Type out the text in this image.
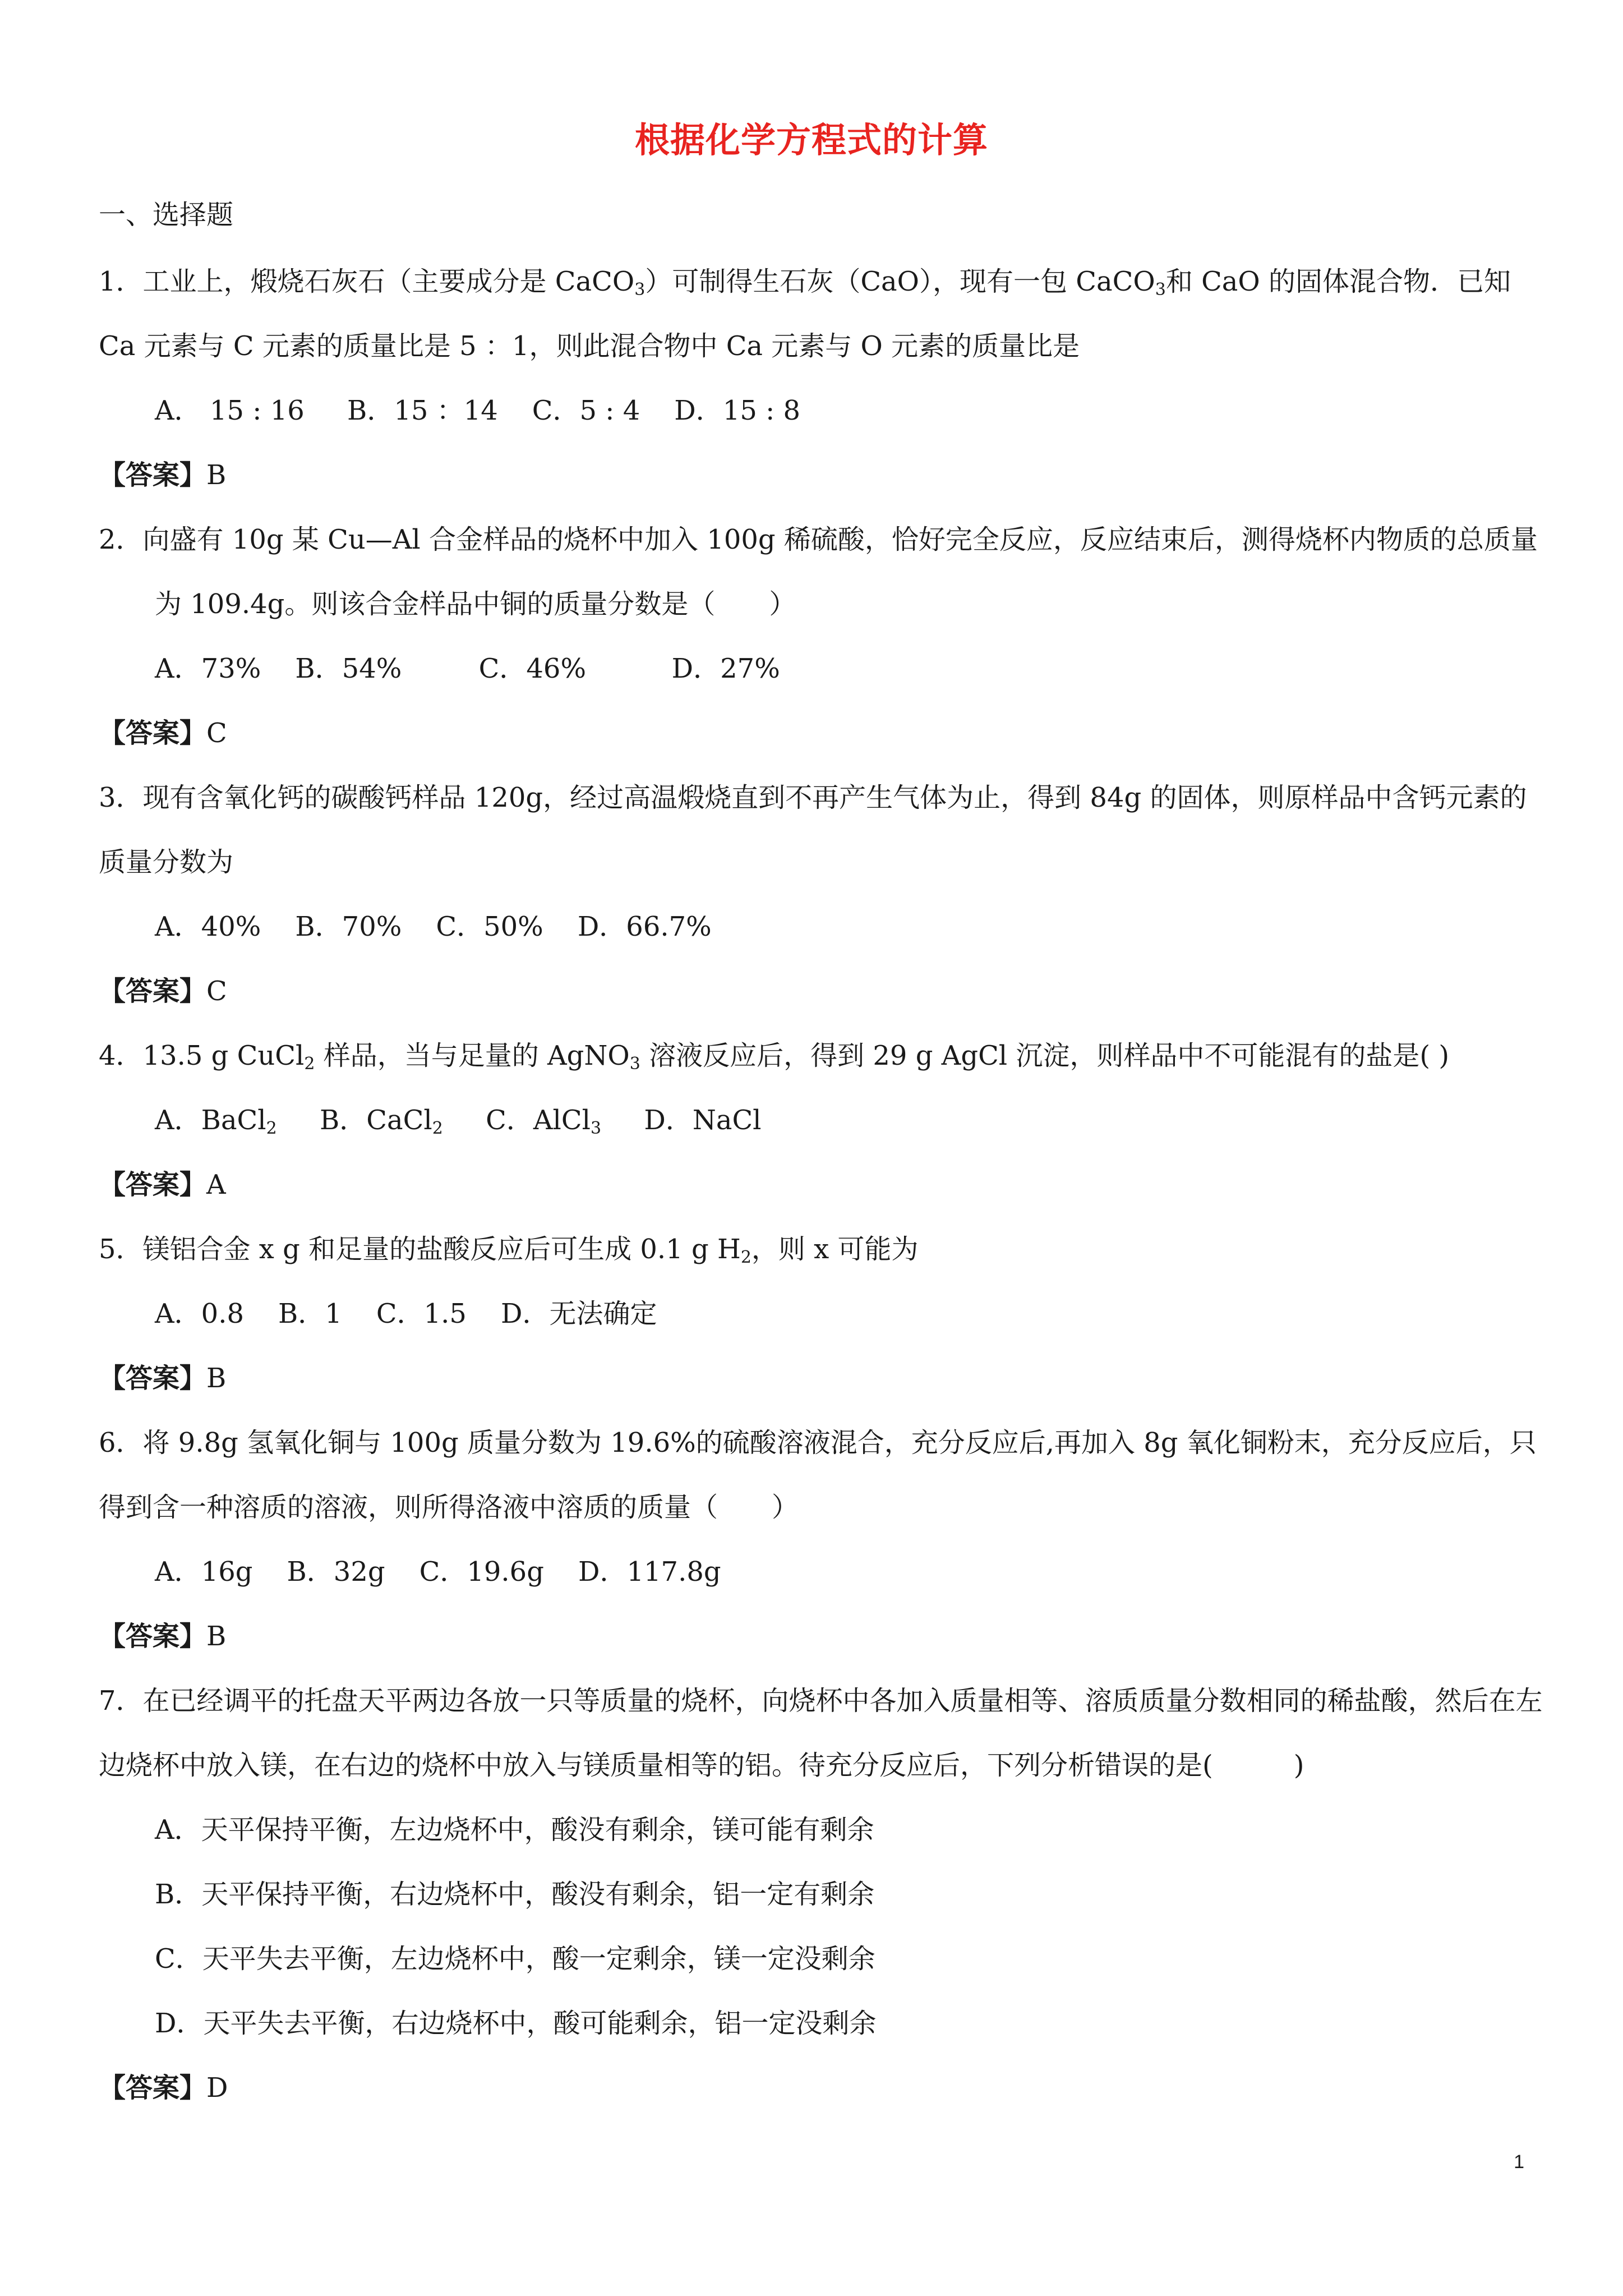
根据化学方程式的计算
一、选择题
1．工业上，煅烧石灰石（主要成分是 CaCO$_3$）可制得生石灰（CaO），现有一包 CaCO$_3$和 CaO 的固体混合物．已知 Ca 元素与 C 元素的质量比是 5 ：1，则此混合物中 Ca 元素与 O 元素的质量比是
A． 15 : 16     B．15 ：14    C．5 : 4    D．15 : 8
【答案】B
2．向盛有 10g 某 Cu—Al 合金样品的烧杯中加入 100g 稀硫酸，恰好完全反应，反应结束后，测得烧杯内物质的总质量为 109.4g。则该合金样品中铜的质量分数是（　　）
A．73%    B．54%         C．46%          D．27%
【答案】C
3．现有含氧化钙的碳酸钙样品 120g，经过高温煅烧直到不再产生气体为止，得到 84g 的固体，则原样品中含钙元素的质量分数为
A．40%    B．70%    C．50%    D．66.7%
【答案】C
4．13.5 g CuCl$_2$ 样品，当与足量的 AgNO$_3$ 溶液反应后，得到 29 g AgCl 沉淀，则样品中不可能混有的盐是( )
A．BaCl$_2$ B．CaCl$_2$ C．AlCl$_3$ D．NaCl
【答案】A
5．镁铝合金 x g 和足量的盐酸反应后可生成 0.1 g $H_2$，则 x 可能为
A．0.8    B．1    C．1.5    D．无法确定
【答案】B
6．将 9.8g 氢氧化铜与 100g 质量分数为 19.6%的硫酸溶液混合，充分反应后,再加入 8g 氧化铜粉末，充分反应后，只得到含一种溶质的溶液，则所得洛液中溶质的质量（　　）
A．16g    B．32g    C．19.6g    D．117.8g
【答案】B
7．在已经调平的托盘天平两边各放一只等质量的烧杯，向烧杯中各加入质量相等、溶质质量分数相同的稀盐酸，然后在左边烧杯中放入镁，在右边的烧杯中放入与镁质量相等的铝。待充分反应后，下列分析错误的是(　　　)
A．天平保持平衡，左边烧杯中，酸没有剩余，镁可能有剩余
B．天平保持平衡，右边烧杯中，酸没有剩余，铝一定有剩余
C．天平失去平衡，左边烧杯中，酸一定剩余，镁一定没剩余
D．天平失去平衡，右边烧杯中，酸可能剩余，铝一定没剩余
【答案】D
1
